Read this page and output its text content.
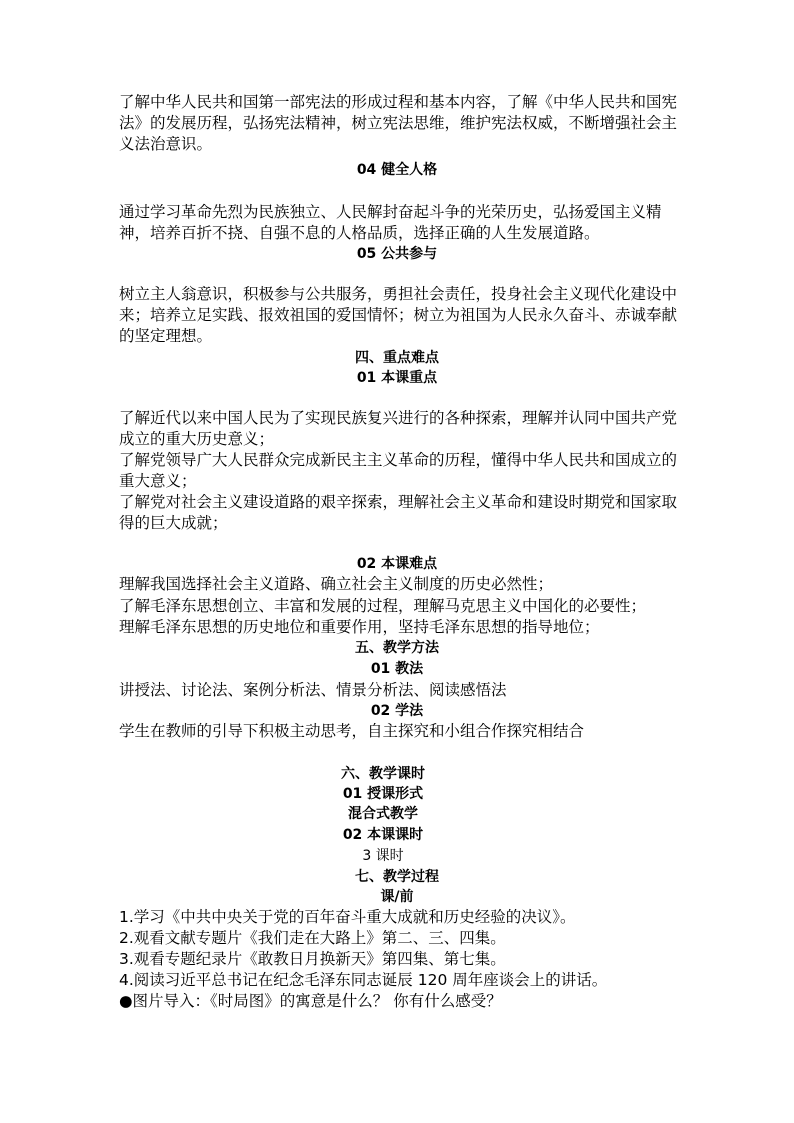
了解中华人民共和国第一部宪法的形成过程和基本内容，了解《中华人民共和国宪法》的发展历程，弘扬宪法精神，树立宪法思维，维护宪法权威，不断增强社会主义法治意识。

04 健全人格

通过学习革命先烈为民族独立、人民解封奋起斗争的光荣历史，弘扬爱国主义精神，培养百折不挠、自强不息的人格品质，选择正确的人生发展道路。

05 公共参与

树立主人翁意识，积极参与公共服务，勇担社会责任，投身社会主义现代化建设中来；培养立足实践、报效祖国的爱国情怀；树立为祖国为人民永久奋斗、赤诚奉献的坚定理想。

四、重点难点

01 本课重点

了解近代以来中国人民为了实现民族复兴进行的各种探索，理解并认同中国共产党成立的重大历史意义；

了解党领导广大人民群众完成新民主主义革命的历程，懂得中华人民共和国成立的重大意义；

了解党对社会主义建设道路的艰辛探索，理解社会主义革命和建设时期党和国家取得的巨大成就；

02 本课难点

理解我国选择社会主义道路、确立社会主义制度的历史必然性；

了解毛泽东思想创立、丰富和发展的过程，理解马克思主义中国化的必要性；

理解毛泽东思想的历史地位和重要作用，坚持毛泽东思想的指导地位；

五、教学方法

01 教法

讲授法、讨论法、案例分析法、情景分析法、阅读感悟法

02 学法

学生在教师的引导下积极主动思考，自主探究和小组合作探究相结合

六、教学课时

01 授课形式

混合式教学

02 本课课时

3 课时

七、教学过程

课/前

1.学习《中共中央关于党的百年奋斗重大成就和历史经验的决议》。

2.观看文献专题片《我们走在大路上》第二、三、四集。

3.观看专题纪录片《敢教日月换新天》第四集、第七集。

4.阅读习近平总书记在纪念毛泽东同志诞辰 120 周年座谈会上的讲话。

●图片导入：《时局图》的寓意是什么？ 你有什么感受？
